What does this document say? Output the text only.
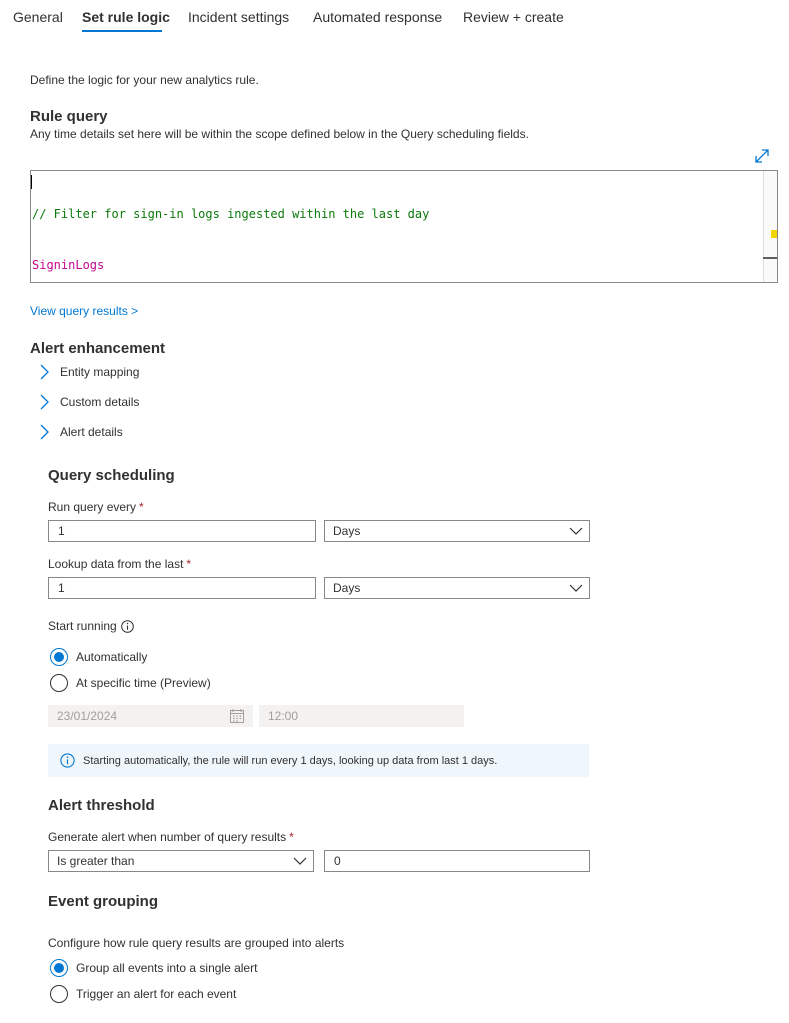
General Set rule logic Incident settings Automated response Review + create
Define the logic for your new analytics rule.
Rule query
Any time details set here will be within the scope defined below in the Query scheduling fields.

// Filter for sign-in logs ingested within the last day

SigninLogs

View query results >
Alert enhancement
Entity mapping
Custom details
Alert details
Query scheduling
Run query every *
1	Days
Lookup data from the last *
1	Days
Start running
Automatically
At specific time (Preview)
23/01/2024	12:00
Starting automatically, the rule will run every 1 days, looking up data from last 1 days.
Alert threshold
Generate alert when number of query results *
Is greater than	0
Event grouping
Configure how rule query results are grouped into alerts
Group all events into a single alert
Trigger an alert for each event
